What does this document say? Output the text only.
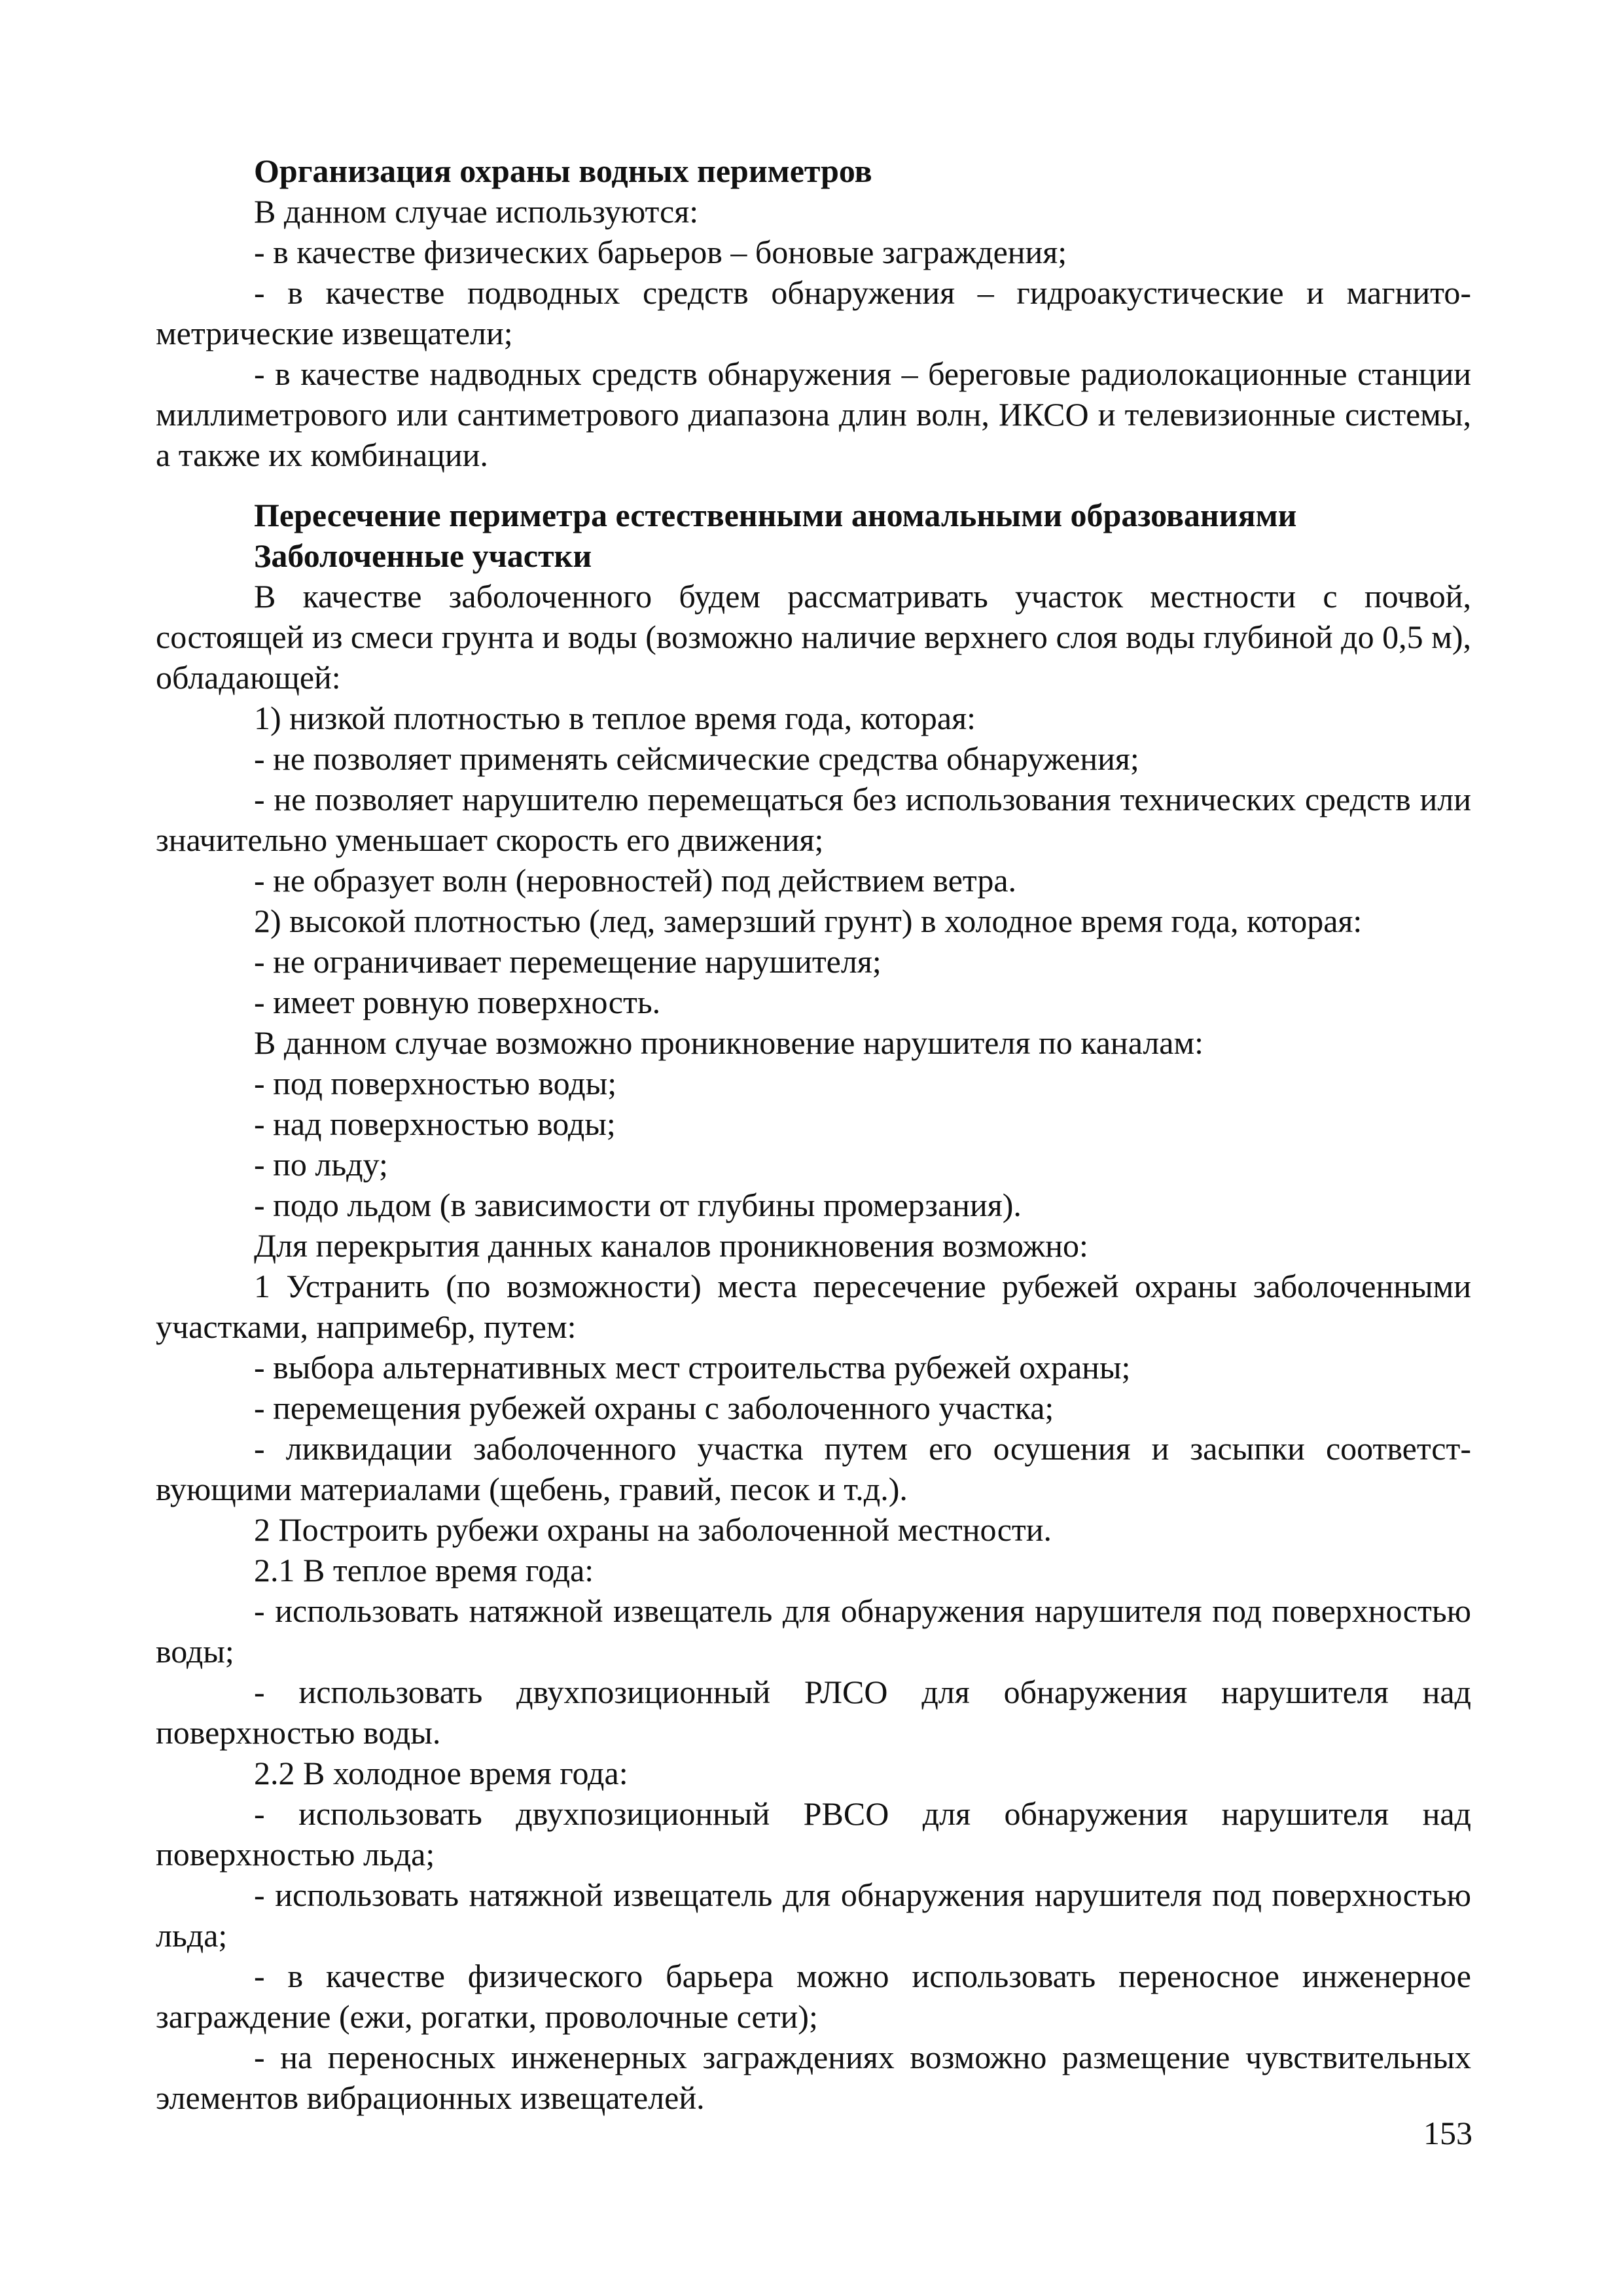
Организация охраны водных периметров

В данном случае используются:

- в качестве физических барьеров – боновые заграждения;

- в качестве подводных средств обнаружения – гидроакустические и магнитометрические извещатели;

- в качестве надводных средств обнаружения – береговые радиолокационные станции миллиметрового или сантиметрового диапазона длин волн, ИКСО и телевизионные системы, а также их комбинации.

Пересечение периметра естественными аномальными образованиями

Заболоченные участки

В качестве заболоченного будем рассматривать участок местности с почвой, состоящей из смеси грунта и воды (возможно наличие верхнего слоя воды глубиной до 0,5 м), обладающей:

1) низкой плотностью в теплое время года, которая:

- не позволяет применять сейсмические средства обнаружения;

- не позволяет нарушителю перемещаться без использования технических средств или значительно уменьшает скорость его движения;

- не образует волн (неровностей) под действием ветра.

2) высокой плотностью (лед, замерзший грунт) в холодное время года, которая:

- не ограничивает перемещение нарушителя;

- имеет ровную поверхность.

В данном случае возможно проникновение нарушителя по каналам:

- под поверхностью воды;

- над поверхностью воды;

- по льду;

- подо льдом (в зависимости от глубины промерзания).

Для перекрытия данных каналов проникновения возможно:

1 Устранить (по возможности) места пересечение рубежей охраны заболоченными участками, наприме6р, путем:

- выбора альтернативных мест строительства рубежей охраны;

- перемещения рубежей охраны с заболоченного участка;

- ликвидации заболоченного участка путем его осушения и засыпки соответствующими материалами (щебень, гравий, песок и т.д.).

2 Построить рубежи охраны на заболоченной местности.

2.1 В теплое время года:

- использовать натяжной извещатель для обнаружения нарушителя под поверхностью воды;

- использовать двухпозиционный РЛСО для обнаружения нарушителя над поверхностью воды.

2.2 В холодное время года:

- использовать двухпозиционный РВСО для обнаружения нарушителя над поверхностью льда;

- использовать натяжной извещатель для обнаружения нарушителя под поверхностью льда;

- в качестве физического барьера можно использовать переносное инженерное заграждение (ежи, рогатки, проволочные сети);

- на переносных инженерных заграждениях возможно размещение чувствительных элементов вибрационных извещателей.

153
